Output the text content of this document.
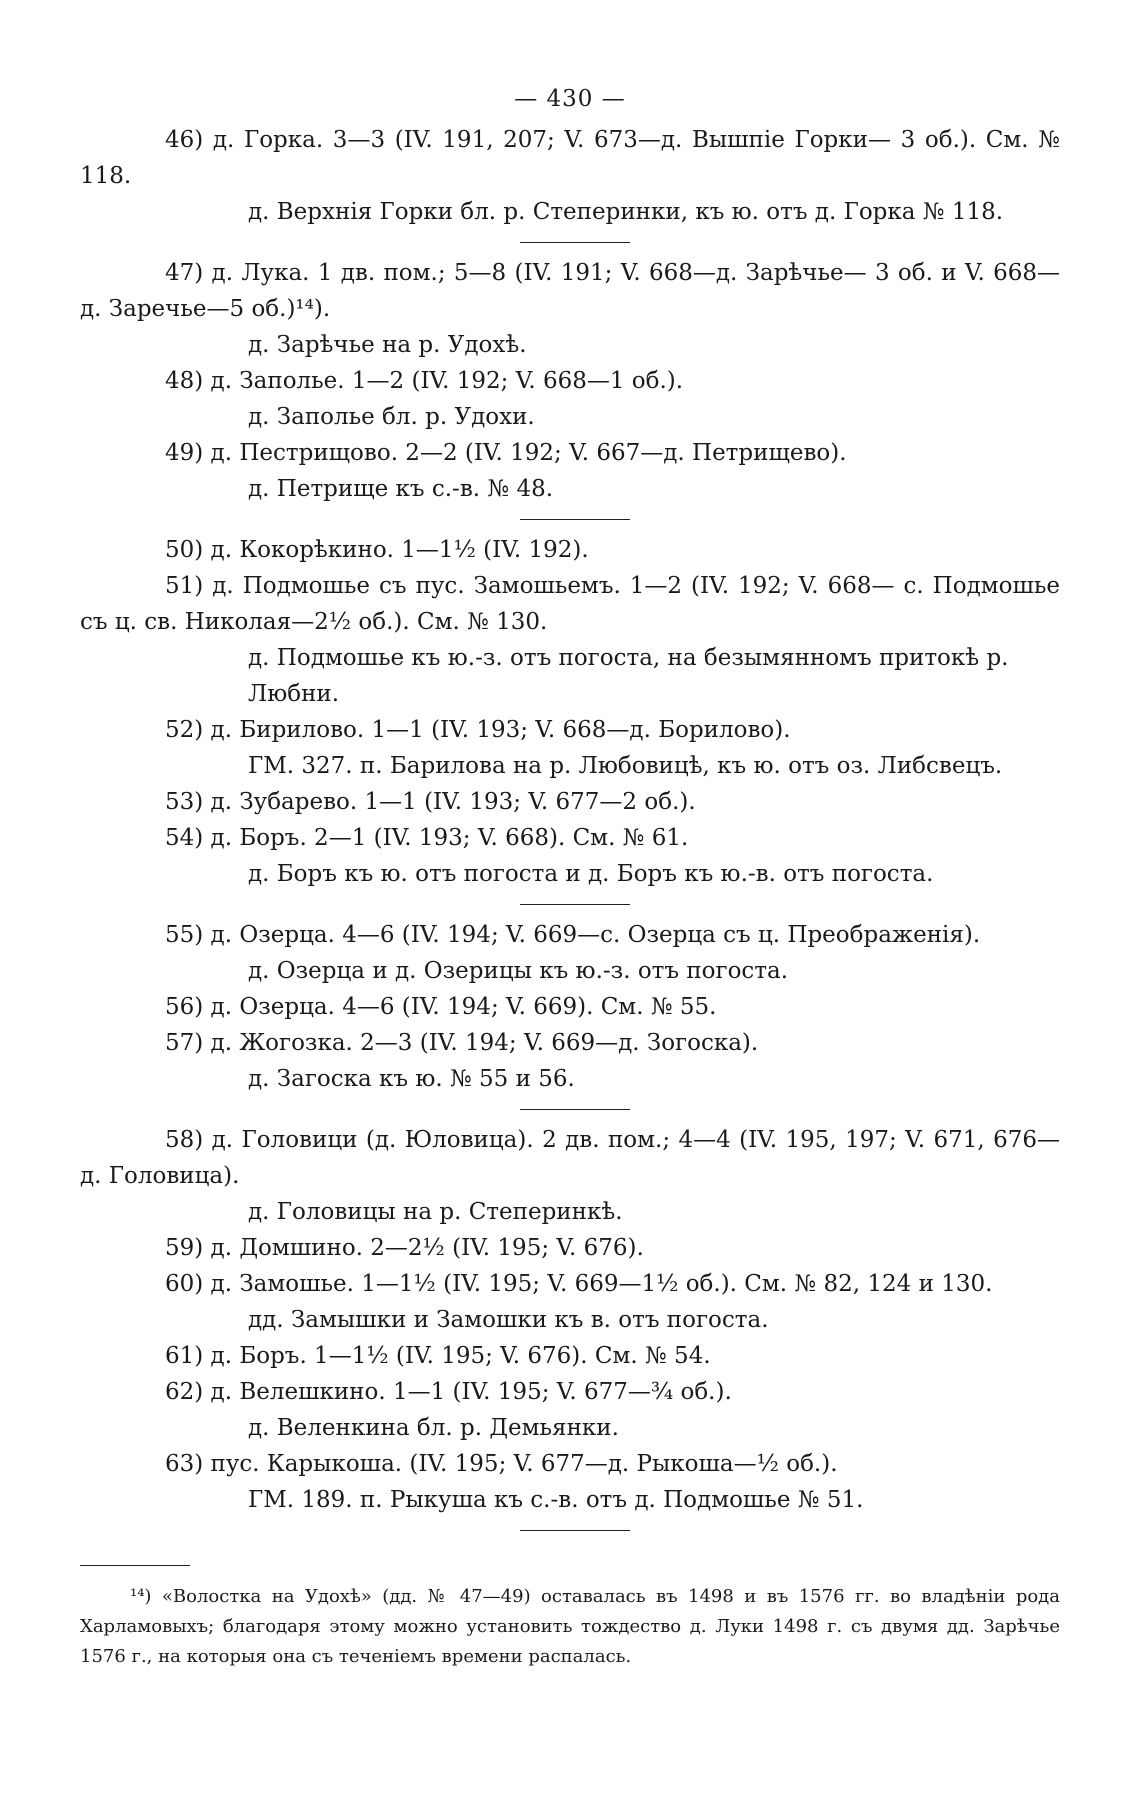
— 430 —

46) д. Горка. 3—3 (IV. 191, 207; V. 673—д. Вышпіе Горки— 3 об.). См. № 118.

д. Верхнія Горки бл. р. Степеринки, къ ю. отъ д. Горка № 118.

47) д. Лука. 1 дв. пом.; 5—8 (IV. 191; V. 668—д. Зарѣчье— 3 об. и V. 668—д. Заречье—5 об.)¹⁴).

д. Зарѣчье на р. Удохѣ.

48) д. Заполье. 1—2 (IV. 192; V. 668—1 об.).

д. Заполье бл. р. Удохи.

49) д. Пестрищово. 2—2 (IV. 192; V. 667—д. Петрищево).

д. Петрище къ с.-в. № 48.

50) д. Кокорѣкино. 1—1½ (IV. 192).

51) д. Подмошье съ пус. Замошьемъ. 1—2 (IV. 192; V. 668— с. Подмошье съ ц. св. Николая—2½ об.). См. № 130.

д. Подмошье къ ю.-з. отъ погоста, на безымянномъ притокѣ р. Любни.

52) д. Бирилово. 1—1 (IV. 193; V. 668—д. Борилово).

ГМ. 327. п. Барилова на р. Любовицѣ, къ ю. отъ оз. Либсвецъ.

53) д. Зубарево. 1—1 (IV. 193; V. 677—2 об.).

54) д. Боръ. 2—1 (IV. 193; V. 668). См. № 61.

д. Боръ къ ю. отъ погоста и д. Боръ къ ю.-в. отъ погоста.

55) д. Озерца. 4—6 (IV. 194; V. 669—с. Озерца съ ц. Преображенія).

д. Озерца и д. Озерицы къ ю.-з. отъ погоста.

56) д. Озерца. 4—6 (IV. 194; V. 669). См. № 55.

57) д. Жогозка. 2—3 (IV. 194; V. 669—д. Зогоска).

д. Загоска къ ю. № 55 и 56.

58) д. Головици (д. Юловица). 2 дв. пом.; 4—4 (IV. 195, 197; V. 671, 676—д. Головица).

д. Головицы на р. Степеринкѣ.

59) д. Домшино. 2—2½ (IV. 195; V. 676).

60) д. Замошье. 1—1½ (IV. 195; V. 669—1½ об.). См. № 82, 124 и 130.

дд. Замышки и Замошки къ в. отъ погоста.

61) д. Боръ. 1—1½ (IV. 195; V. 676). См. № 54.

62) д. Велешкино. 1—1 (IV. 195; V. 677—¾ об.).

д. Веленкина бл. р. Демьянки.

63) пус. Карыкоша. (IV. 195; V. 677—д. Рыкоша—½ об.).

ГМ. 189. п. Рыкуша къ с.-в. отъ д. Подмошье № 51.

¹⁴) «Волостка на Удохѣ» (дд. № 47—49) оставалась въ 1498 и въ 1576 гг. во владѣніи рода Харламовыхъ; благодаря этому можно установить тождество д. Луки 1498 г. съ двумя дд. Зарѣчье 1576 г., на которыя она съ теченіемъ времени распалась.
